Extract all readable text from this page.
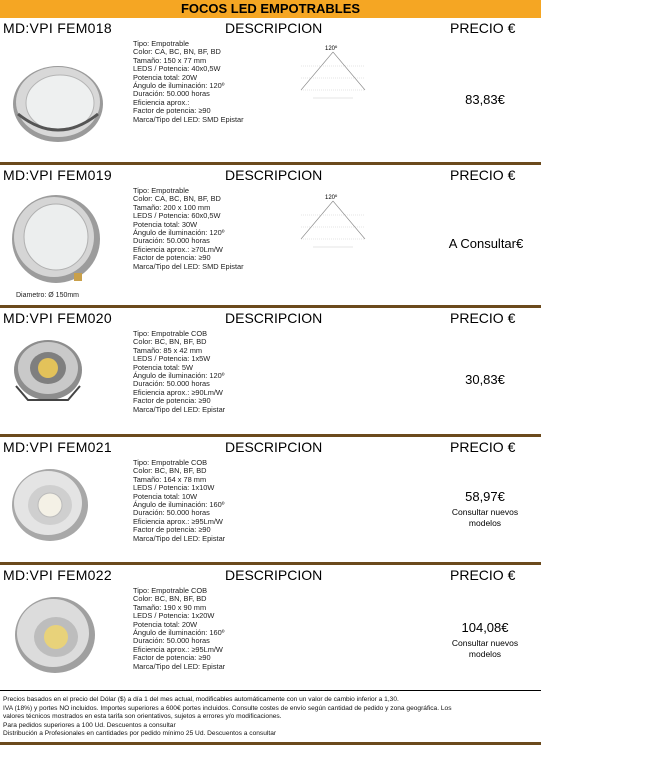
FOCOS LED EMPOTRABLES
MD:VPI FEM018	DESCRIPCION	PRECIO €
Tipo: Empotrable
Color: CA, BC, BN, BF, BD
Tamaño: 150 x 77 mm
LEDS / Potencia: 40x0,5W
Potencia total: 20W
Ángulo de iluminación: 120º
Duración: 50.000 horas
Eficiencia aprox.:
Factor de potencia: ≥90
Marca/Tipo del LED: SMD Epistar
120º
83,83€
MD:VPI FEM019	DESCRIPCION	PRECIO €
Diametro: Ø 150mm
Tipo: Empotrable
Color: CA, BC, BN, BF, BD
Tamaño: 200 x 100 mm
LEDS / Potencia: 60x0,5W
Potencia total: 30W
Ángulo de iluminación: 120º
Duración: 50.000 horas
Eficiencia aprox.: ≥70Lm/W
Factor de potencia: ≥90
Marca/Tipo del LED: SMD Epistar
120º
A Consultar€
MD:VPI FEM020	DESCRIPCION	PRECIO €
Tipo: Empotrable COB
Color: BC, BN, BF, BD
Tamaño: 85 x 42 mm
LEDS / Potencia: 1x5W
Potencia total: 5W
Ángulo de iluminación: 120º
Duración: 50.000 horas
Eficiencia aprox.: ≥90Lm/W
Factor de potencia: ≥90
Marca/Tipo del LED: Epistar
30,83€
MD:VPI FEM021	DESCRIPCION	PRECIO €
Tipo: Empotrable COB
Color: BC, BN, BF, BD
Tamaño: 164 x 78 mm
LEDS / Potencia: 1x10W
Potencia total: 10W
Ángulo de iluminación: 160º
Duración: 50.000 horas
Eficiencia aprox.: ≥95Lm/W
Factor de potencia: ≥90
Marca/Tipo del LED: Epistar
58,97€
Consultar nuevos
modelos
MD:VPI FEM022	DESCRIPCION	PRECIO €
Tipo: Empotrable COB
Color: BC, BN, BF, BD
Tamaño: 190 x 90 mm
LEDS / Potencia: 1x20W
Potencia total: 20W
Ángulo de iluminación: 160º
Duración: 50.000 horas
Eficiencia aprox.: ≥95Lm/W
Factor de potencia: ≥90
Marca/Tipo del LED: Epistar
104,08€
Consultar nuevos
modelos
Precios basados en el precio del Dólar ($) a día 1 del mes actual, modificables automáticamente con un valor de cambio inferior a 1,30.
IVA (18%) y portes NO incluidos. Importes superiores a 600€ portes incluidos. Consulte costes de envío según cantidad de pedido y zona geográfica. Los
valores técnicos mostrados en esta tarifa son orientativos, sujetos a errores y/o modificaciones.
Para pedidos superiores a 100 Ud. Descuentos a consultar
Distribución a Profesionales en cantidades por pedido mínimo 25 Ud. Descuentos a consultar
